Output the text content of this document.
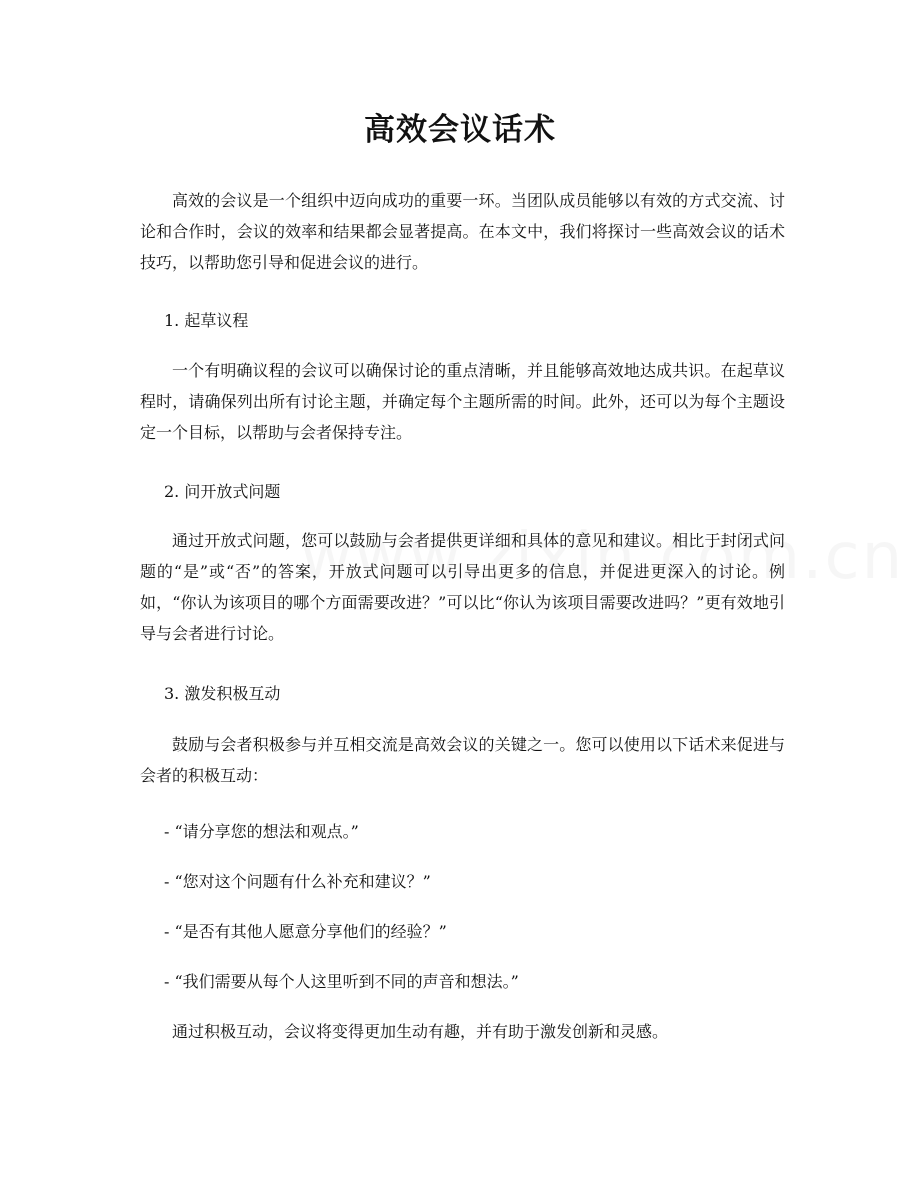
高效会议话术
高效的会议是一个组织中迈向成功的重要一环。当团队成员能够以有效的方式交流、讨论和合作时，会议的效率和结果都会显著提高。在本文中，我们将探讨一些高效会议的话术技巧，以帮助您引导和促进会议的进行。
1. 起草议程
一个有明确议程的会议可以确保讨论的重点清晰，并且能够高效地达成共识。在起草议程时，请确保列出所有讨论主题，并确定每个主题所需的时间。此外，还可以为每个主题设定一个目标，以帮助与会者保持专注。
2. 问开放式问题
通过开放式问题，您可以鼓励与会者提供更详细和具体的意见和建议。相比于封闭式问题的“是”或“否”的答案，开放式问题可以引导出更多的信息，并促进更深入的讨论。例如，“你认为该项目的哪个方面需要改进？”可以比“你认为该项目需要改进吗？”更有效地引导与会者进行讨论。
3. 激发积极互动
鼓励与会者积极参与并互相交流是高效会议的关键之一。您可以使用以下话术来促进与会者的积极互动：
- “请分享您的想法和观点。”
- “您对这个问题有什么补充和建议？”
- “是否有其他人愿意分享他们的经验？”
- “我们需要从每个人这里听到不同的声音和想法。”
通过积极互动，会议将变得更加生动有趣，并有助于激发创新和灵感。
